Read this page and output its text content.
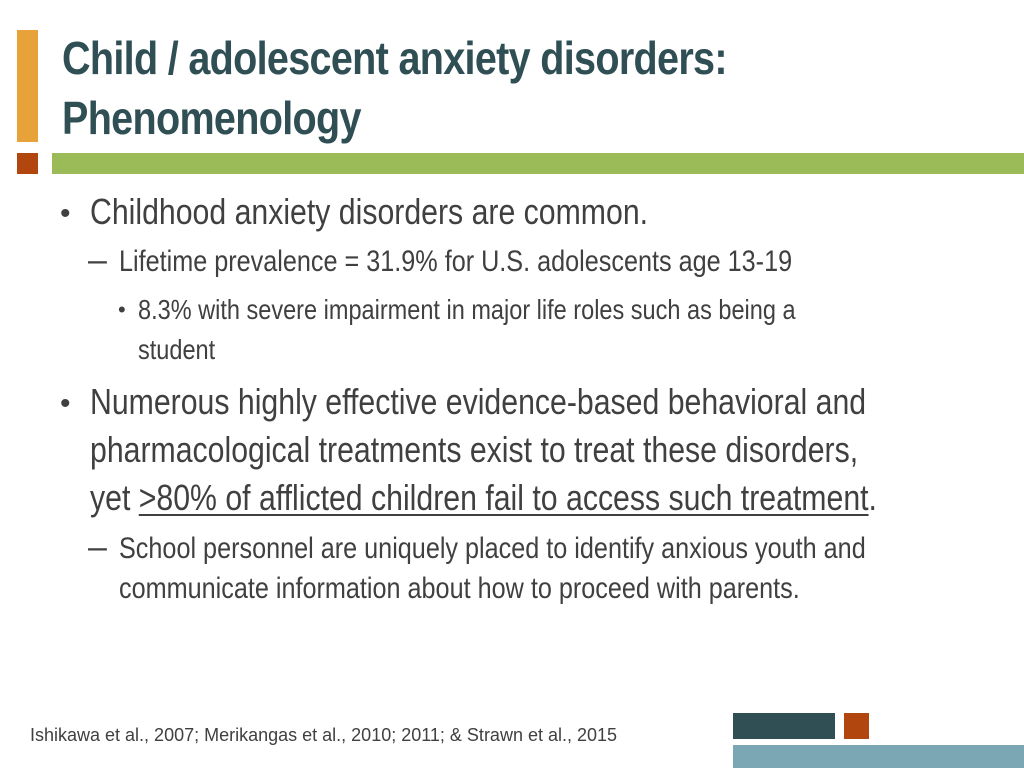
Child / adolescent anxiety disorders:
Phenomenology
• Childhood anxiety disorders are common.
– Lifetime prevalence = 31.9% for U.S. adolescents age 13-19
• 8.3% with severe impairment in major life roles such as being a
student
• Numerous highly effective evidence-based behavioral and
pharmacological treatments exist to treat these disorders,
yet >80% of afflicted children fail to access such treatment.
– School personnel are uniquely placed to identify anxious youth and
communicate information about how to proceed with parents.
Ishikawa et al., 2007; Merikangas et al., 2010; 2011; & Strawn et al., 2015
